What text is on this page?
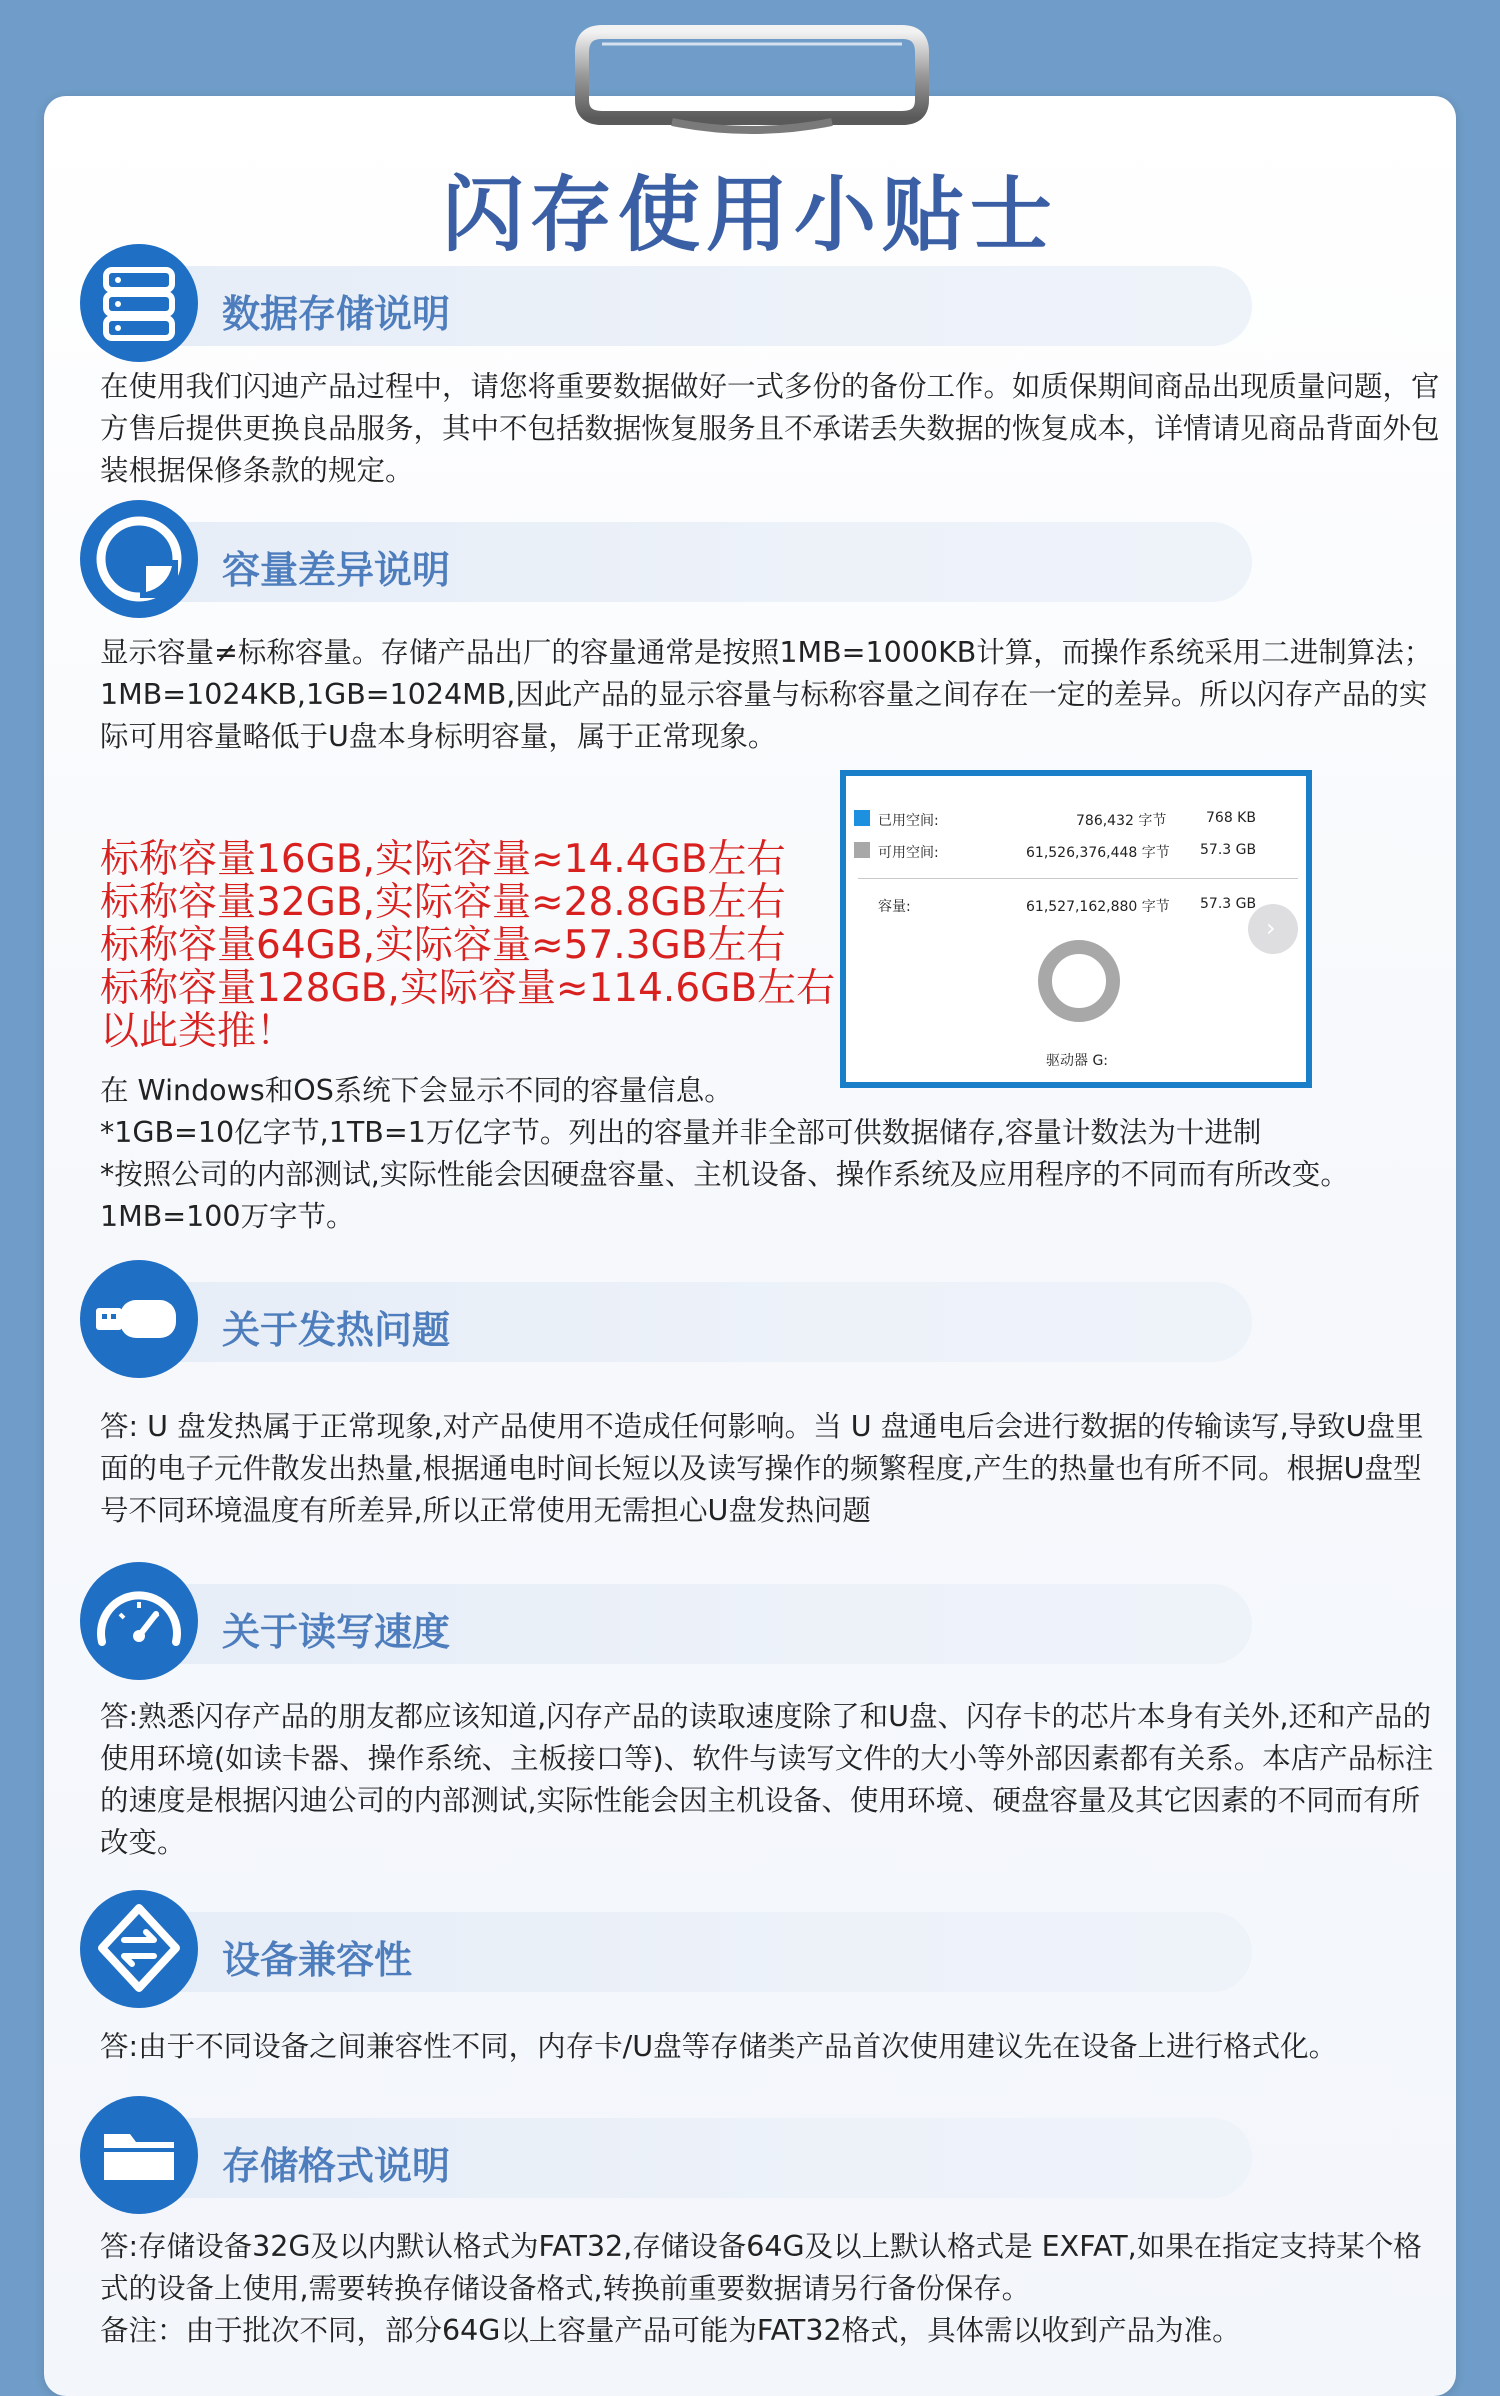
闪存使用小贴士
数据存储说明

在使用我们闪迪产品过程中，请您将重要数据做好一式多份的备份工作。如质保期间商品出现质量问题，官方售后提供更换良品服务，其中不包括数据恢复服务且不承诺丢失数据的恢复成本，详情请见商品背面外包装根据保修条款的规定。

容量差异说明

显示容量≠标称容量。存储产品出厂的容量通常是按照1MB=1000KB计算，而操作系统采用二进制算法；1MB=1024KB,1GB=1024MB,因此产品的显示容量与标称容量之间存在一定的差异。所以闪存产品的实际可用容量略低于U盘本身标明容量，属于正常现象。

标称容量16GB,实际容量≈14.4GB左右
标称容量32GB,实际容量≈28.8GB左右
标称容量64GB,实际容量≈57.3GB左右
标称容量128GB,实际容量≈114.6GB左右
以此类推！
已用空间:	786,432 字节	768 KB
可用空间:	61,526,376,448 字节 57.3 GB
容量:	61,527,162,880 字节 57.3 GB
›
驱动器 G:

在 Windows和OS系统下会显示不同的容量信息。

*1GB=10亿字节,1TB=1万亿字节。列出的容量并非全部可供数据储存,容量计数法为十进制

*按照公司的内部测试,实际性能会因硬盘容量、主机设备、操作系统及应用程序的不同而有所改变。1MB=100万字节。

关于发热问题

答: U 盘发热属于正常现象,对产品使用不造成任何影响。当 U 盘通电后会进行数据的传输读写,导致U盘里面的电子元件散发出热量,根据通电时间长短以及读写操作的频繁程度,产生的热量也有所不同。根据U盘型号不同环境温度有所差异,所以正常使用无需担心U盘发热问题

关于读写速度

答:熟悉闪存产品的朋友都应该知道,闪存产品的读取速度除了和U盘、闪存卡的芯片本身有关外,还和产品的使用环境(如读卡器、操作系统、主板接口等)、软件与读写文件的大小等外部因素都有关系。本店产品标注的速度是根据闪迪公司的内部测试,实际性能会因主机设备、使用环境、硬盘容量及其它因素的不同而有所改变。

设备兼容性

答:由于不同设备之间兼容性不同，内存卡/U盘等存储类产品首次使用建议先在设备上进行格式化。

存储格式说明

答:存储设备32G及以内默认格式为FAT32,存储设备64G及以上默认格式是 EXFAT,如果在指定支持某个格式的设备上使用,需要转换存储设备格式,转换前重要数据请另行备份保存。

备注：由于批次不同，部分64G以上容量产品可能为FAT32格式，具体需以收到产品为准。
